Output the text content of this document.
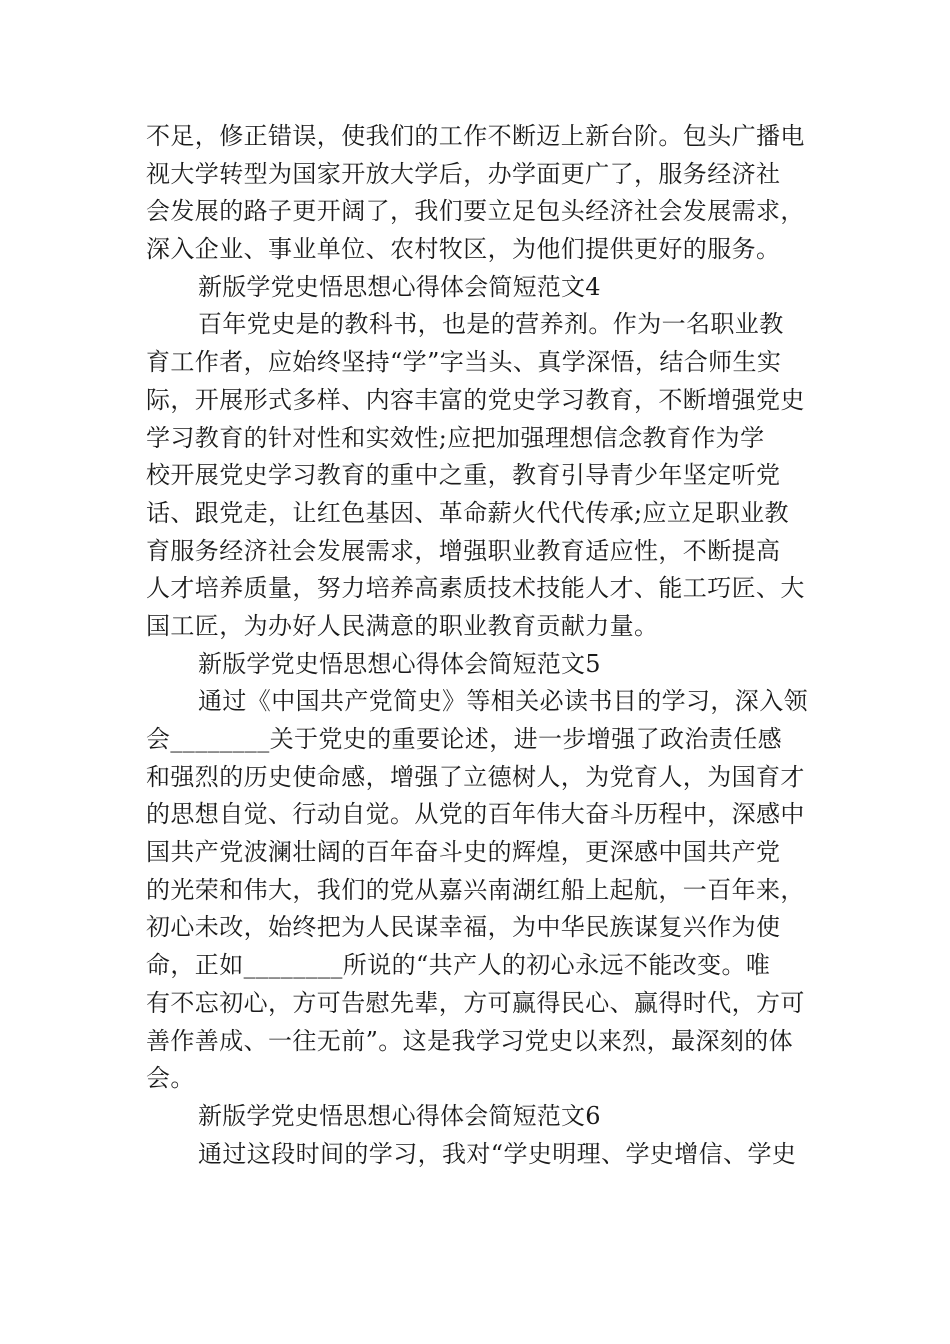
不足，修正错误，使我们的工作不断迈上新台阶。包头广播电
视大学转型为国家开放大学后，办学面更广了，服务经济社
会发展的路子更开阔了，我们要立足包头经济社会发展需求，
深入企业、事业单位、农村牧区，为他们提供更好的服务。
新版学党史悟思想心得体会简短范文4
百年党史是的教科书，也是的营养剂。作为一名职业教
育工作者，应始终坚持“学”字当头、真学深悟，结合师生实
际，开展形式多样、内容丰富的党史学习教育，不断增强党史
学习教育的针对性和实效性;应把加强理想信念教育作为学
校开展党史学习教育的重中之重，教育引导青少年坚定听党
话、跟党走，让红色基因、革命薪火代代传承;应立足职业教
育服务经济社会发展需求，增强职业教育适应性，不断提高
人才培养质量，努力培养高素质技术技能人才、能工巧匠、大
国工匠，为办好人民满意的职业教育贡献力量。
新版学党史悟思想心得体会简短范文5
通过《中国共产党简史》等相关必读书目的学习，深入领
会________关于党史的重要论述，进一步增强了政治责任感
和强烈的历史使命感，增强了立德树人，为党育人，为国育才
的思想自觉、行动自觉。从党的百年伟大奋斗历程中，深感中
国共产党波澜壮阔的百年奋斗史的辉煌，更深感中国共产党
的光荣和伟大，我们的党从嘉兴南湖红船上起航，一百年来，
初心未改，始终把为人民谋幸福，为中华民族谋复兴作为使
命，正如________所说的“共产人的初心永远不能改变。唯
有不忘初心，方可告慰先辈，方可赢得民心、赢得时代，方可
善作善成、一往无前”。这是我学习党史以来烈，最深刻的体
会。
新版学党史悟思想心得体会简短范文6
通过这段时间的学习，我对“学史明理、学史增信、学史
